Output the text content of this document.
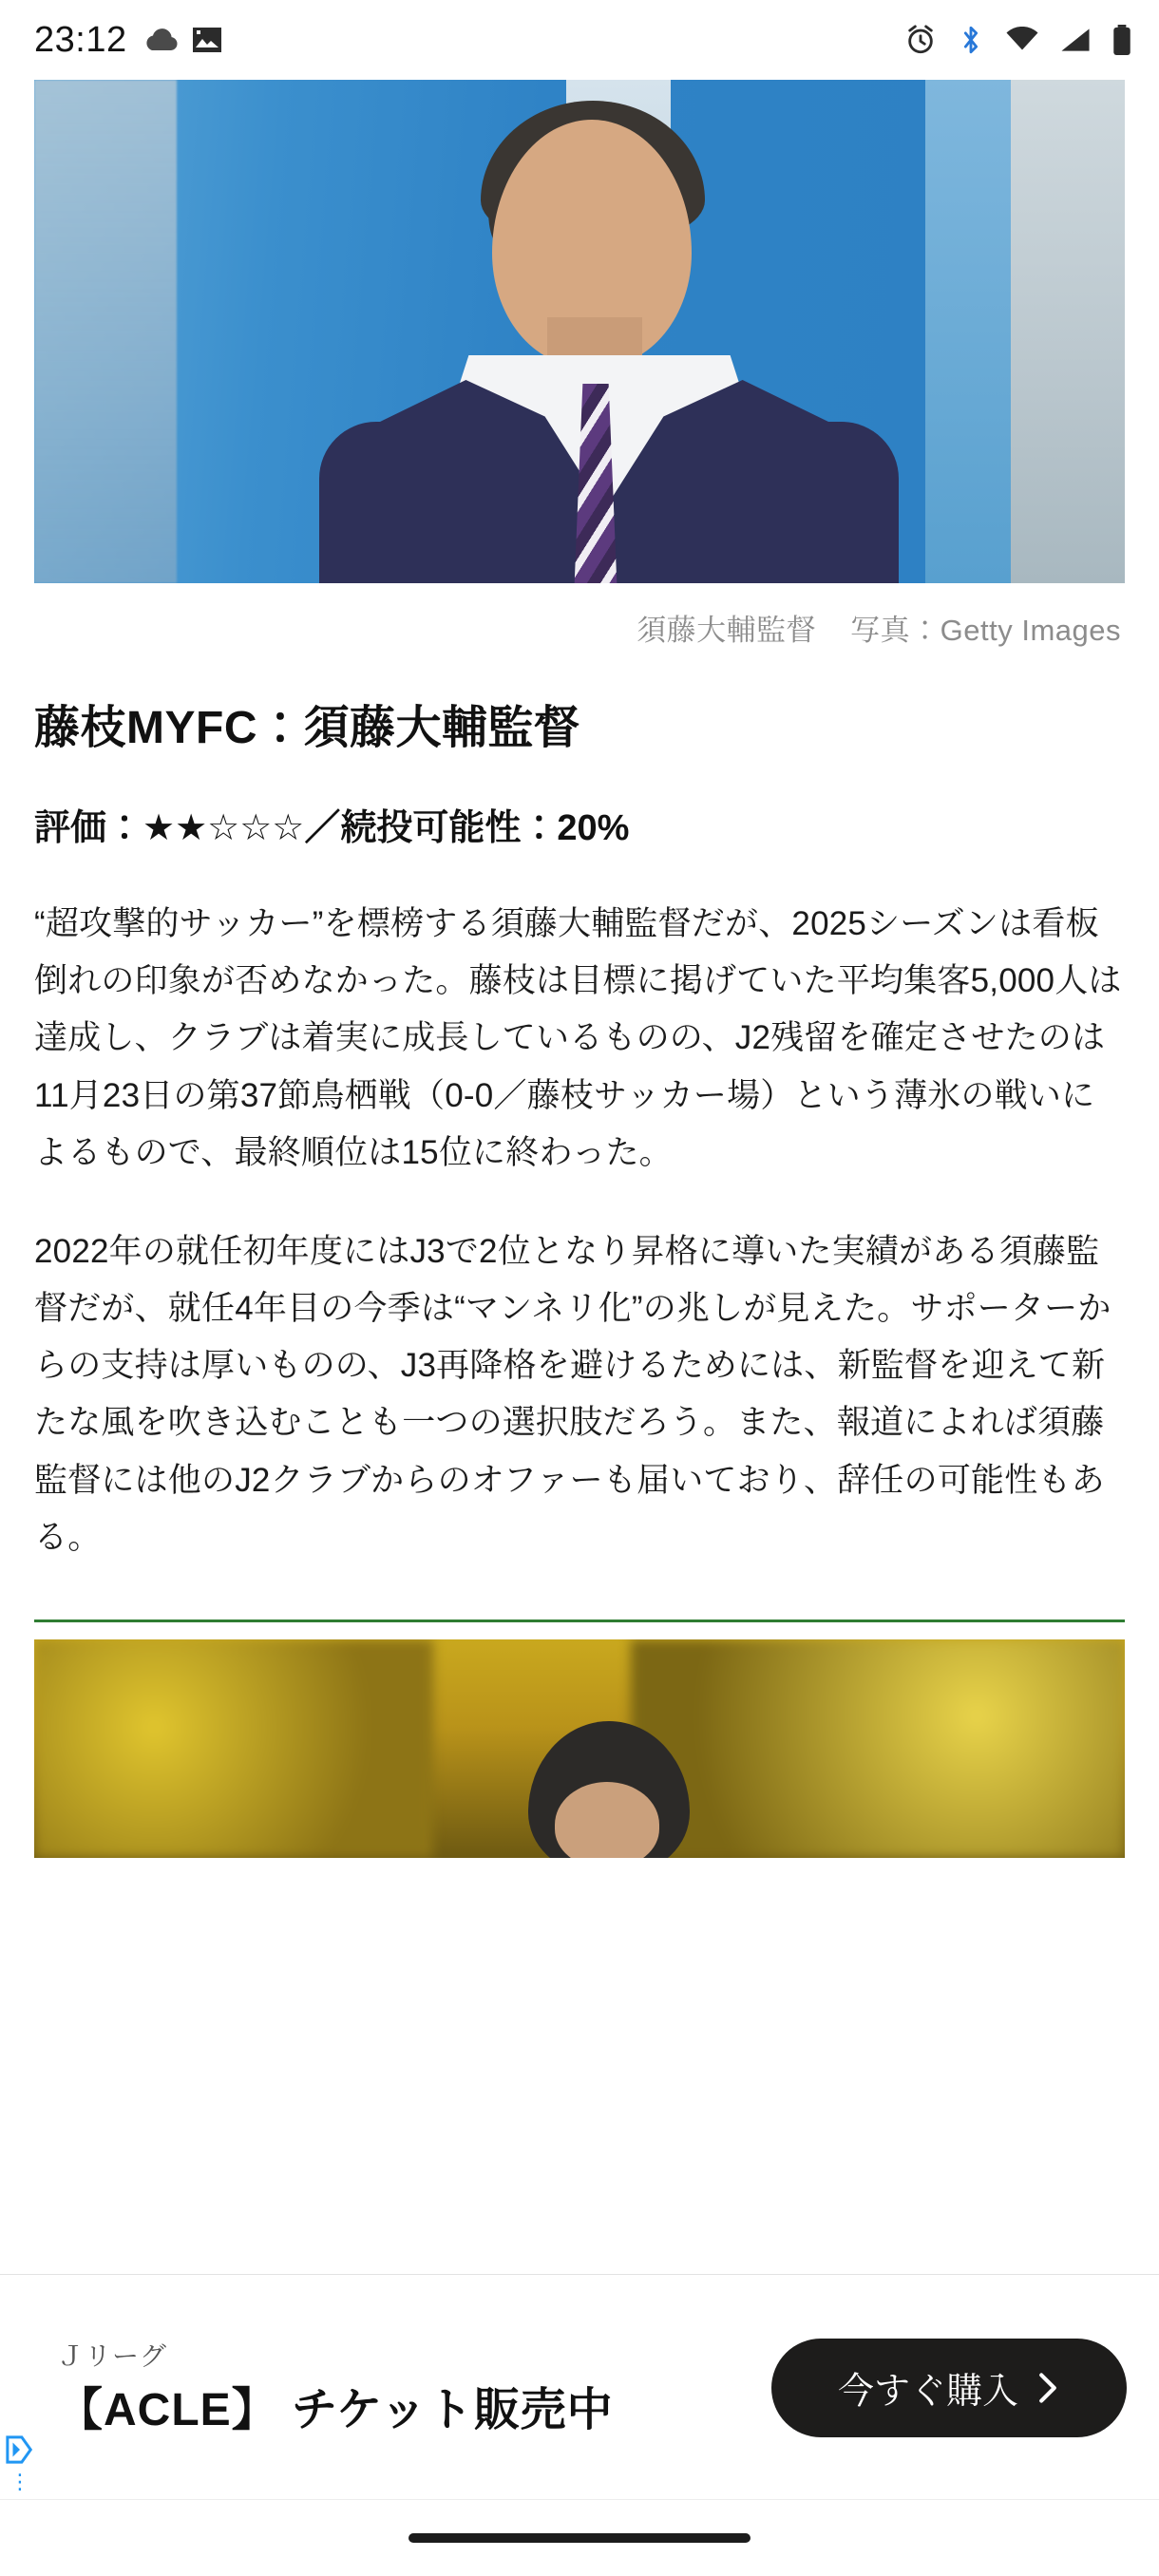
23:12
須藤大輔監督 写真：Getty Images
藤枝MYFC：須藤大輔監督
評価：★★☆☆☆／続投可能性：20%

“超攻撃的サッカー”を標榜する須藤大輔監督だが、2025シーズンは看板倒れの印象が否めなかった。藤枝は目標に掲げていた平均集客5,000人は達成し、クラブは着実に成長しているものの、J2残留を確定させたのは11月23日の第37節鳥栖戦（0-0／藤枝サッカー場）という薄氷の戦いによるもので、最終順位は15位に終わった。

2022年の就任初年度にはJ3で2位となり昇格に導いた実績がある須藤監督だが、就任4年目の今季は“マンネリ化”の兆しが見えた。サポーターからの支持は厚いものの、J3再降格を避けるためには、新監督を迎えて新たな風を吹き込むことも一つの選択肢だろう。また、報道によれば須藤監督には他のJ2クラブからのオファーも届いており、辞任の可能性もある。

Ｊリーグ
【ACLE】 チケット販売中	今すぐ購入
⋮
